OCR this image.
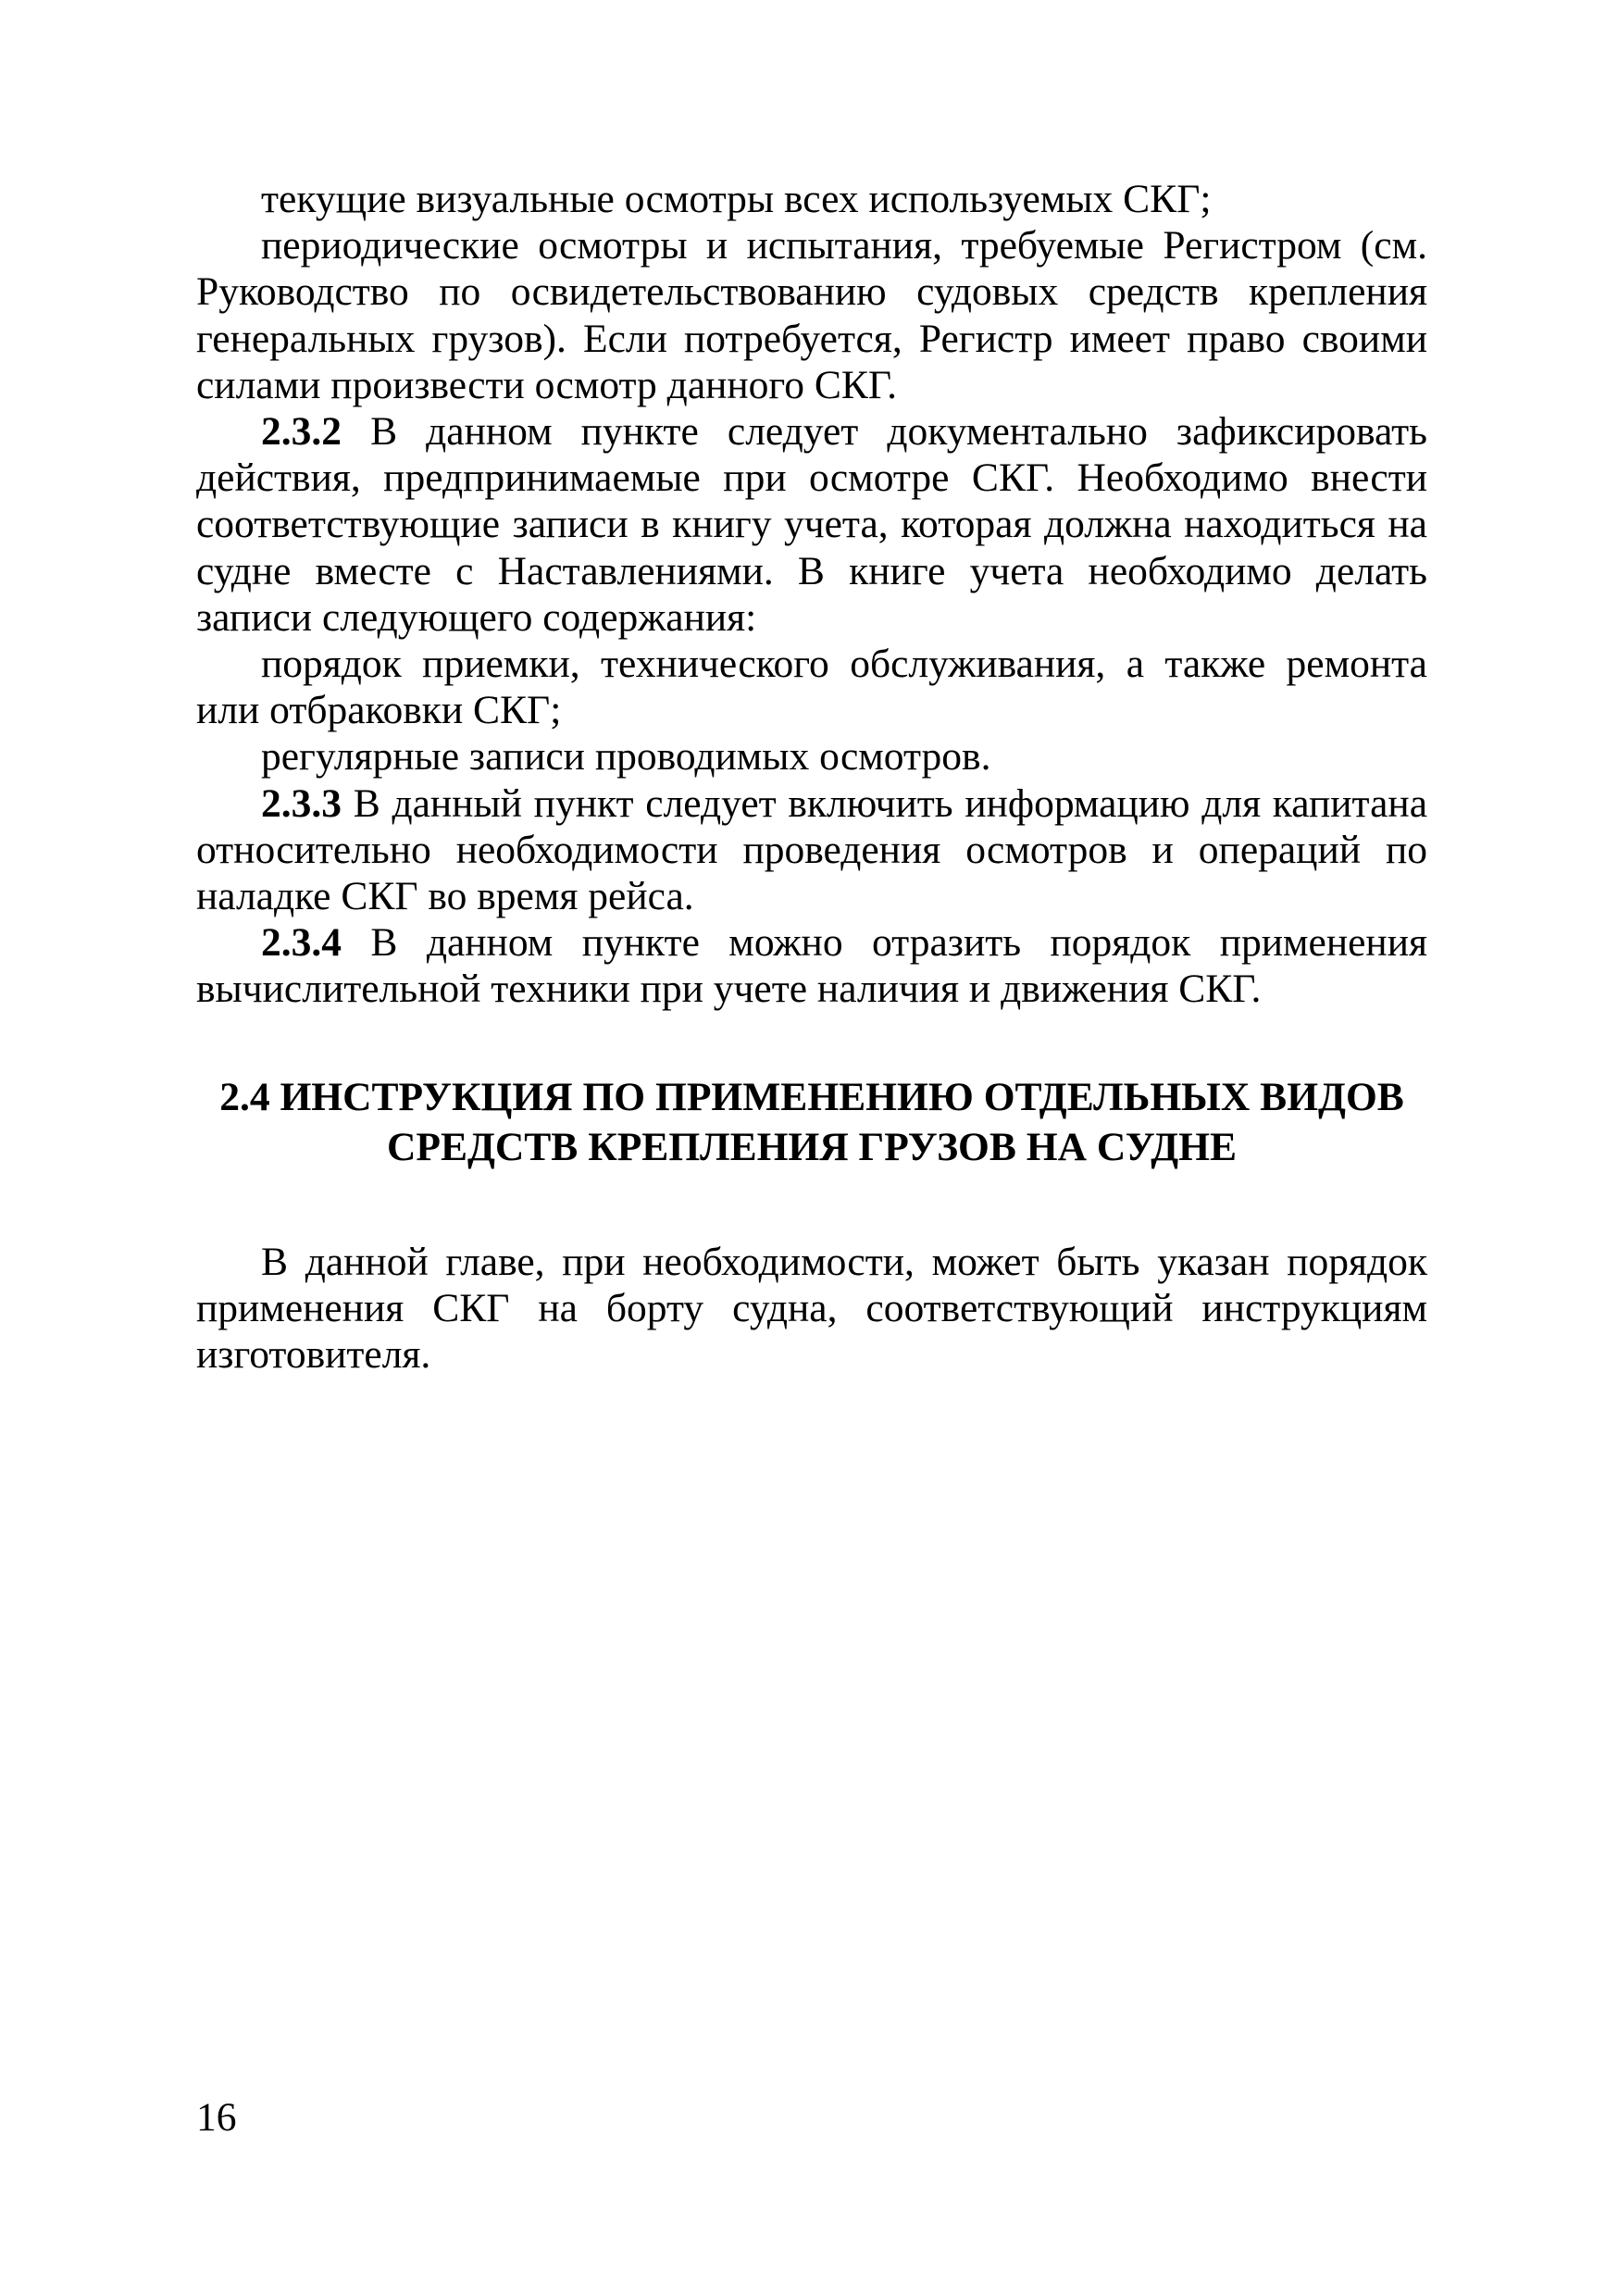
текущие визуальные осмотры всех используемых СКГ;

периодические осмотры и испытания, требуемые Регистром (см. Руководство по освидетельствованию судовых средств крепления генеральных грузов). Если потребуется, Регистр имеет право своими силами произвести осмотр данного СКГ.

2.3.2 В данном пункте следует документально зафиксировать действия, предпринимаемые при осмотре СКГ. Необходимо внести соответствующие записи в книгу учета, которая должна находиться на судне вместе с Наставлениями. В книге учета необходимо делать записи следующего содержания:

порядок приемки, технического обслуживания, а также ремонта или отбраковки СКГ;

регулярные записи проводимых осмотров.

2.3.3 В данный пункт следует включить информацию для капитана относительно необходимости проведения осмотров и операций по наладке СКГ во время рейса.

2.3.4 В данном пункте можно отразить порядок применения вычислительной техники при учете наличия и движения СКГ.

2.4 ИНСТРУКЦИЯ ПО ПРИМЕНЕНИЮ ОТДЕЛЬНЫХ ВИДОВ
СРЕДСТВ КРЕПЛЕНИЯ ГРУЗОВ НА СУДНЕ

В данной главе, при необходимости, может быть указан порядок применения СКГ на борту судна, соответствующий инструкциям изготовителя.

16
